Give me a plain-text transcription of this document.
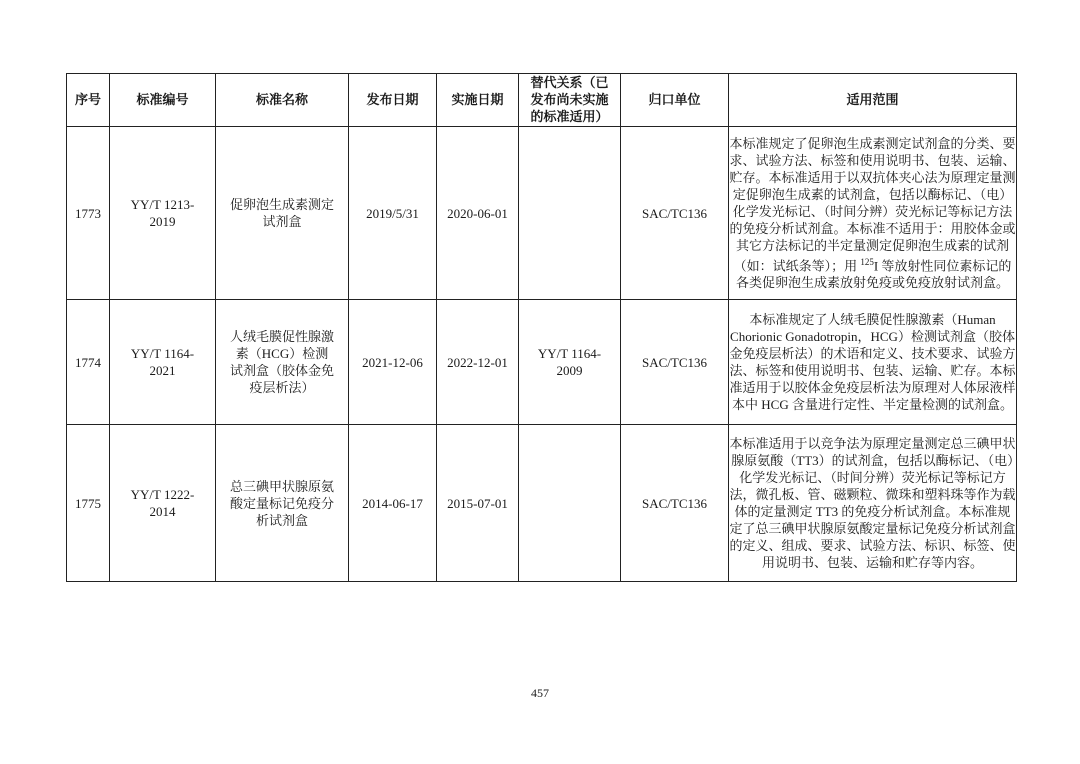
序号	标准编号	标准名称	发布日期	实施日期	替代关系（已发布尚未实施的标准适用）	归口单位	适用范围
1773	YY/T 1213-2019	促卵泡生成素测定试剂盒	2019/5/31	2020-06-01		SAC/TC136	本标准规定了促卵泡生成素测定试剂盒的分类、要求、试验方法、标签和使用说明书、包装、运输、贮存。本标准适用于以双抗体夹心法为原理定量测定促卵泡生成素的试剂盒，包括以酶标记、（电）化学发光标记、（时间分辨）荧光标记等标记方法的免疫分析试剂盒。本标准不适用于：用胶体金或其它方法标记的半定量测定促卵泡生成素的试剂（如：试纸条等）；用 $^{125}$I 等放射性同位素标记的各类促卵泡生成素放射免疫或免疫放射试剂盒。
1774	YY/T 1164-2021	人绒毛膜促性腺激素（HCG）检测试剂盒（胶体金免疫层析法）	2021-12-06	2022-12-01	YY/T 1164-2009	SAC/TC136	本标准规定了人绒毛膜促性腺激素（Human Chorionic Gonadotropin，HCG）检测试剂盒（胶体金免疫层析法）的术语和定义、技术要求、试验方法、标签和使用说明书、包装、运输、贮存。本标准适用于以胶体金免疫层析法为原理对人体尿液样本中 HCG 含量进行定性、半定量检测的试剂盒。
1775	YY/T 1222-2014	总三碘甲状腺原氨酸定量标记免疫分析试剂盒	2014-06-17	2015-07-01		SAC/TC136	本标准适用于以竞争法为原理定量测定总三碘甲状腺原氨酸（TT3）的试剂盒，包括以酶标记、（电）化学发光标记、（时间分辨）荧光标记等标记方法，微孔板、管、磁颗粒、微珠和塑料珠等作为载体的定量测定 TT3 的免疫分析试剂盒。本标准规定了总三碘甲状腺原氨酸定量标记免疫分析试剂盒的定义、组成、要求、试验方法、标识、标签、使用说明书、包装、运输和贮存等内容。
457
